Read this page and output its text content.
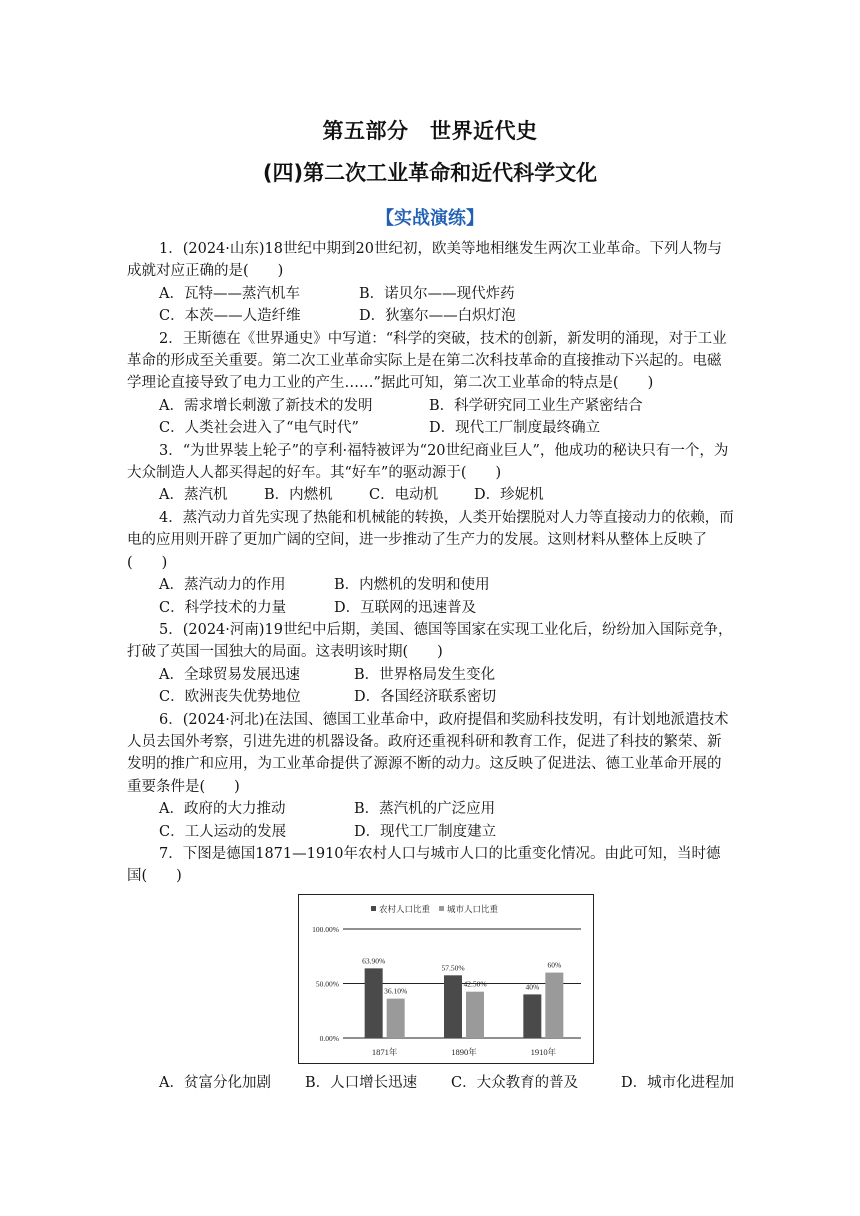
第五部分　世界近代史
(四)第二次工业革命和近代科学文化
【实战演练】

1．(2024·山东)18世纪中期到20世纪初，欧美等地相继发生两次工业革命。下列人物与成就对应正确的是(　　)

A．瓦特——蒸汽机车	B．诺贝尔——现代炸药
C．本茨——人造纤维	D．狄塞尔——白炽灯泡

2．王斯德在《世界通史》中写道：“科学的突破，技术的创新，新发明的涌现，对于工业革命的形成至关重要。第二次工业革命实际上是在第二次科技革命的直接推动下兴起的。电磁学理论直接导致了电力工业的产生……”据此可知，第二次工业革命的特点是(　　)

A．需求增长刺激了新技术的发明	B．科学研究同工业生产紧密结合
C．人类社会进入了“电气时代”	D．现代工厂制度最终确立

3．“为世界装上轮子”的亨利·福特被评为“20世纪商业巨人”，他成功的秘诀只有一个，为大众制造人人都买得起的好车。其“好车”的驱动源于(　　)

A．蒸汽机	B．内燃机	C．电动机 D．珍妮机

4．蒸汽动力首先实现了热能和机械能的转换，人类开始摆脱对人力等直接动力的依赖，而电的应用则开辟了更加广阔的空间，进一步推动了生产力的发展。这则材料从整体上反映了(　　)

A．蒸汽动力的作用	B．内燃机的发明和使用
C．科学技术的力量	D．互联网的迅速普及

5．(2024·河南)19世纪中后期，美国、德国等国家在实现工业化后，纷纷加入国际竞争，打破了英国一国独大的局面。这表明该时期(　　)

A．全球贸易发展迅速	B．世界格局发生变化
C．欧洲丧失优势地位	D．各国经济联系密切

6．(2024·河北)在法国、德国工业革命中，政府提倡和奖励科技发明，有计划地派遣技术人员去国外考察，引进先进的机器设备。政府还重视科研和教育工作，促进了科技的繁荣、新发明的推广和应用，为工业革命提供了源源不断的动力。这反映了促进法、德工业革命开展的重要条件是(　　)

A．政府的大力推动	B．蒸汽机的广泛应用
C．工人运动的发展	D．现代工厂制度建立

7．下图是德国1871—1910年农村人口与城市人口的比重变化情况。由此可知，当时德国(　　)

农村人口比重 城市人口比重
0.00%
50.00%
100.00%
63.90%
36.10%
1871年
57.50%
42.50%
1890年
40%
60%
1910年
A．贫富分化加剧 B．人口增长迅速 C．大众教育的普及	D．城市化进程加
